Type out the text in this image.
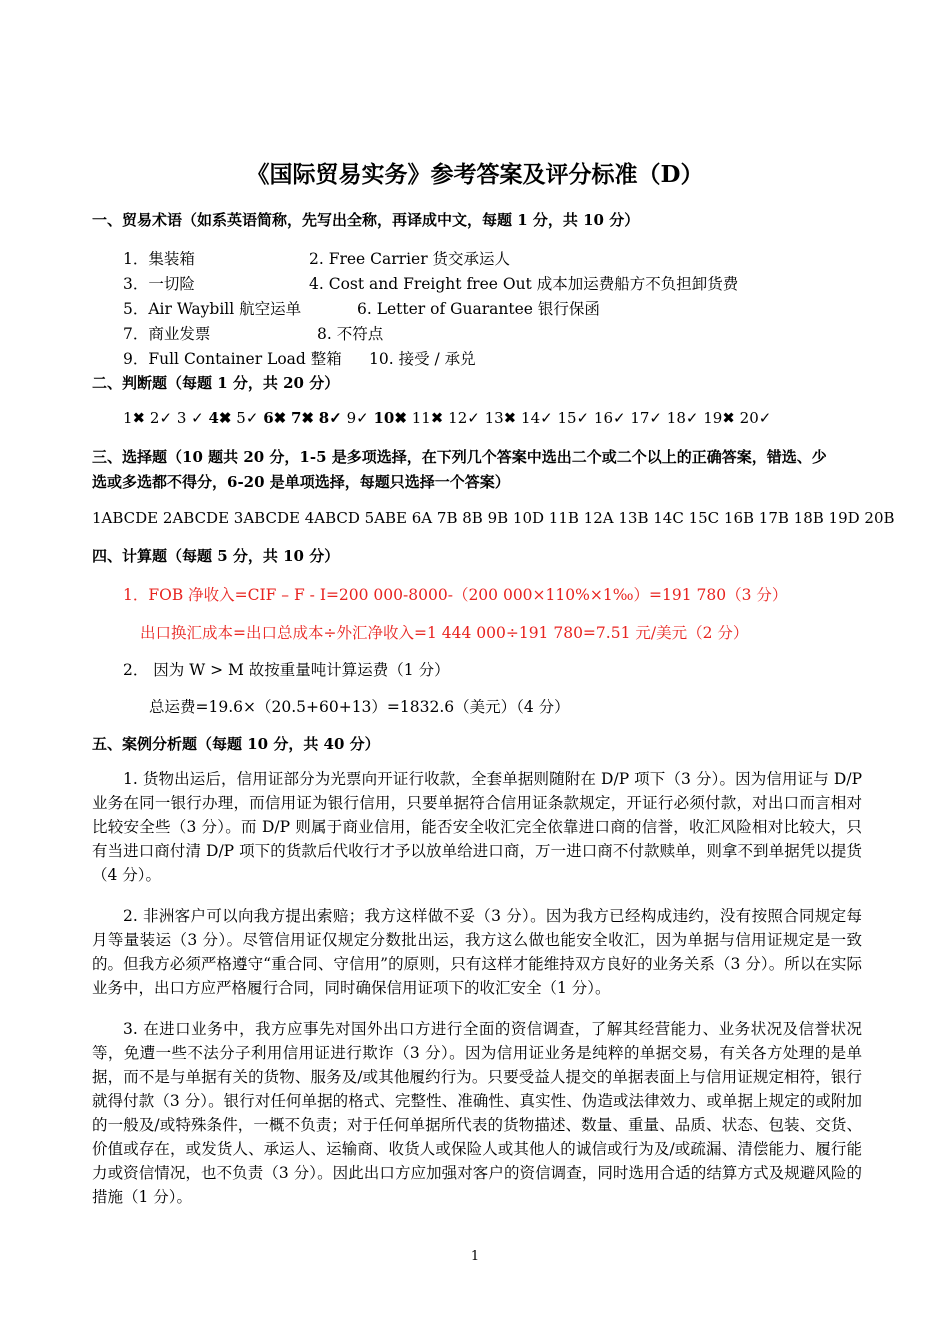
《国际贸易实务》参考答案及评分标准（D）
一、贸易术语（如系英语简称，先写出全称，再译成中文，每题 1 分，共 10 分）
1．集装箱	2. Free Carrier 货交承运人
3．一切险	4. Cost and Freight free Out 成本加运费船方不负担卸货费
5．Air Waybill 航空运单	6. Letter of Guarantee 银行保函
7．商业发票	8. 不符点
9．Full Container Load 整箱 10. 接受 / 承兑
二、判断题（每题 1 分，共 20 分）
1✖ 2✓ 3 ✓ 4✖ 5✓ 6✖ 7✖ 8✓ 9✓ 10✖ 11✖ 12✓ 13✖ 14✓ 15✓ 16✓ 17✓ 18✓ 19✖ 20✓
三、选择题（10 题共 20 分，1-5 是多项选择，在下列几个答案中选出二个或二个以上的正确答案，错选、少
选或多选都不得分，6-20 是单项选择，每题只选择一个答案）
1ABCDE 2ABCDE 3ABCDE 4ABCD 5ABE 6A 7B 8B 9B 10D 11B 12A 13B 14C 15C 16B 17B 18B 19D 20B
四、计算题（每题 5 分，共 10 分）
1．FOB 净收入=CIF – F - I=200 000-8000-（200 000×110%×1‰）=191 780（3 分）
出口换汇成本=出口总成本÷外汇净收入=1 444 000÷191 780=7.51 元/美元（2 分）
2． 因为 W > M 故按重量吨计算运费（1 分）
总运费=19.6×（20.5+60+13）=1832.6（美元）（4 分）
五、案例分析题（每题 10 分，共 40 分）
1. 货物出运后，信用证部分为光票向开证行收款，全套单据则随附在 D/P 项下（3 分）。因为信用证与 D/P 业务在同一银行办理，而信用证为银行信用，只要单据符合信用证条款规定，开证行必须付款，对出口而言相对比较安全些（3 分）。而 D/P 则属于商业信用，能否安全收汇完全依靠进口商的信誉，收汇风险相对比较大，只有当进口商付清 D/P 项下的货款后代收行才予以放单给进口商，万一进口商不付款赎单，则拿不到单据凭以提货（4 分）。
2. 非洲客户可以向我方提出索赔；我方这样做不妥（3 分）。因为我方已经构成违约，没有按照合同规定每月等量装运（3 分）。尽管信用证仅规定分数批出运，我方这么做也能安全收汇，因为单据与信用证规定是一致的。但我方必须严格遵守“重合同、守信用”的原则，只有这样才能维持双方良好的业务关系（3 分）。所以在实际业务中，出口方应严格履行合同，同时确保信用证项下的收汇安全（1 分）。
3. 在进口业务中，我方应事先对国外出口方进行全面的资信调查，了解其经营能力、业务状况及信誉状况等，免遭一些不法分子利用信用证进行欺诈（3 分）。因为信用证业务是纯粹的单据交易，有关各方处理的是单据，而不是与单据有关的货物、服务及/或其他履约行为。只要受益人提交的单据表面上与信用证规定相符，银行就得付款（3 分）。银行对任何单据的格式、完整性、准确性、真实性、伪造或法律效力、或单据上规定的或附加的一般及/或特殊条件，一概不负责；对于任何单据所代表的货物描述、数量、重量、品质、状态、包装、交货、价值或存在，或发货人、承运人、运输商、收货人或保险人或其他人的诚信或行为及/或疏漏、清偿能力、履行能力或资信情况，也不负责（3 分）。因此出口方应加强对客户的资信调查，同时选用合适的结算方式及规避风险的措施（1 分）。
1
